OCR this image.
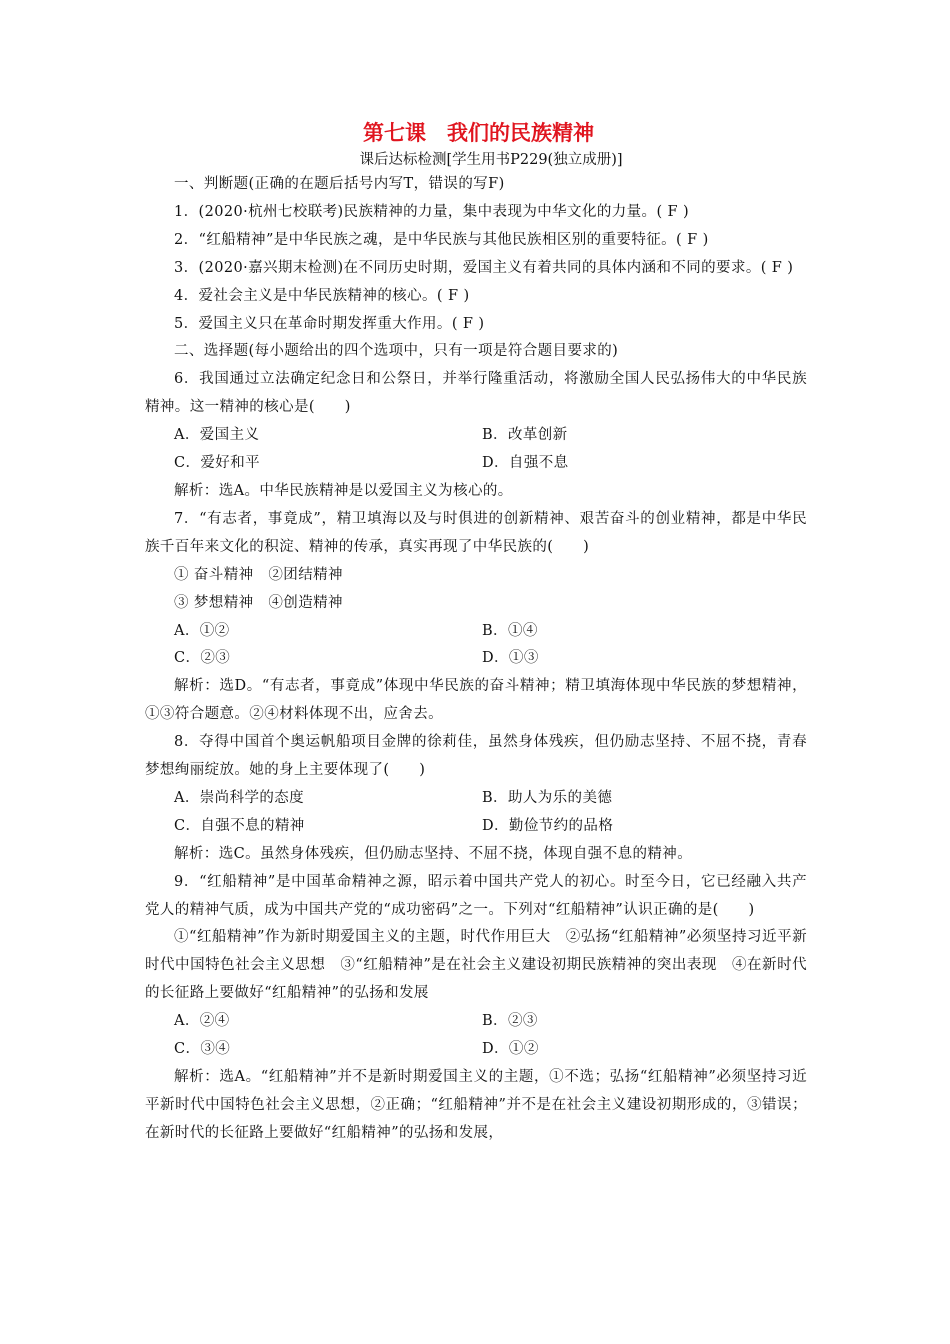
第七课　我们的民族精神
课后达标检测[学生用书P229(独立成册)]

一、判断题(正确的在题后括号内写T，错误的写F)

1．(2020·杭州七校联考)民族精神的力量，集中表现为中华文化的力量。( F )

2．“红船精神”是中华民族之魂，是中华民族与其他民族相区别的重要特征。( F )

3．(2020·嘉兴期末检测)在不同历史时期，爱国主义有着共同的具体内涵和不同的要求。( F )

4．爱社会主义是中华民族精神的核心。( F )

5．爱国主义只在革命时期发挥重大作用。( F )

二、选择题(每小题给出的四个选项中，只有一项是符合题目要求的)

6．我国通过立法确定纪念日和公祭日，并举行隆重活动，将激励全国人民弘扬伟大的中华民族精神。这一精神的核心是(　　)

A．爱国主义	B．改革创新
C．爱好和平	D．自强不息

解析：选A。中华民族精神是以爱国主义为核心的。

7．“有志者，事竟成”，精卫填海以及与时俱进的创新精神、艰苦奋斗的创业精神，都是中华民族千百年来文化的积淀、精神的传承，真实再现了中华民族的(　　)

① 奋斗精神　②团结精神
③ 梦想精神　④创造精神
A．①②	B．①④
C．②③	D．①③

解析：选D。“有志者，事竟成”体现中华民族的奋斗精神；精卫填海体现中华民族的梦想精神，①③符合题意。②④材料体现不出，应舍去。

8．夺得中国首个奥运帆船项目金牌的徐莉佳，虽然身体残疾，但仍励志坚持、不屈不挠，青春梦想绚丽绽放。她的身上主要体现了(　　)

A．崇尚科学的态度	B．助人为乐的美德
C．自强不息的精神	D．勤俭节约的品格

解析：选C。虽然身体残疾，但仍励志坚持、不屈不挠，体现自强不息的精神。

9．“红船精神”是中国革命精神之源，昭示着中国共产党人的初心。时至今日，它已经融入共产党人的精神气质，成为中国共产党的“成功密码”之一。下列对“红船精神”认识正确的是(　　)

①“红船精神”作为新时期爱国主义的主题，时代作用巨大　②弘扬“红船精神”必须坚持习近平新时代中国特色社会主义思想　③“红船精神”是在社会主义建设初期民族精神的突出表现　④在新时代的长征路上要做好“红船精神”的弘扬和发展

A．②④	B．②③
C．③④	D．①②

解析：选A。“红船精神”并不是新时期爱国主义的主题，①不选；弘扬“红船精神”必须坚持习近平新时代中国特色社会主义思想，②正确；“红船精神”并不是在社会主义建设初期形成的，③错误；在新时代的长征路上要做好“红船精神”的弘扬和发展，
